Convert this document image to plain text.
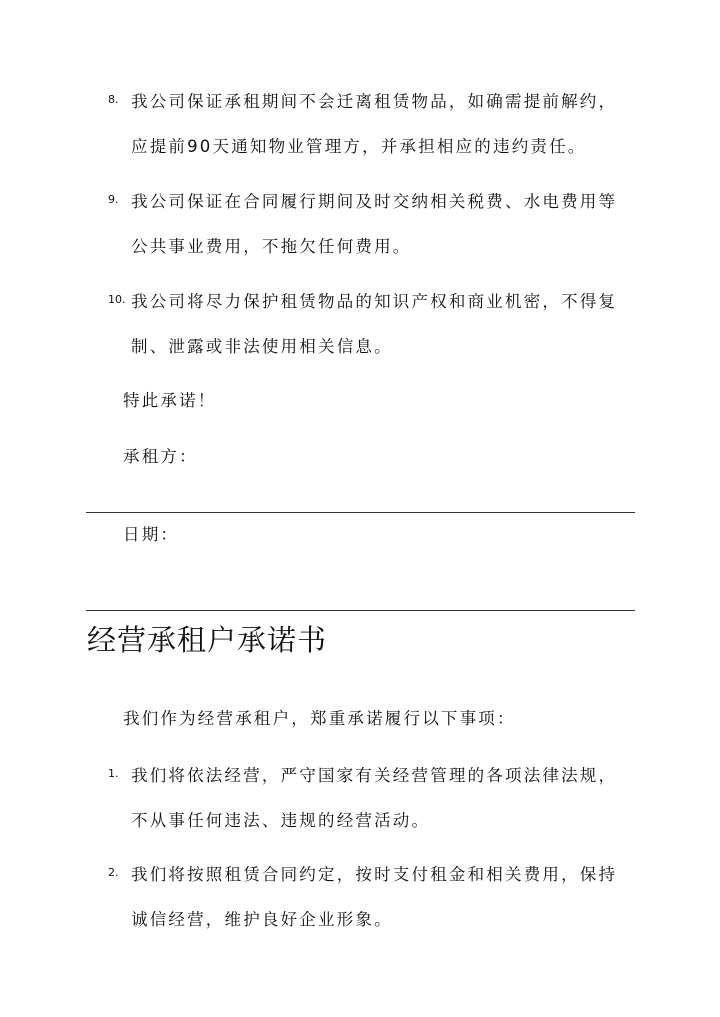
8. 我公司保证承租期间不会迁离租赁物品，如确需提前解约，
应提前90天通知物业管理方，并承担相应的违约责任。
9. 我公司保证在合同履行期间及时交纳相关税费、水电费用等
公共事业费用，不拖欠任何费用。
10. 我公司将尽力保护租赁物品的知识产权和商业机密，不得复
制、泄露或非法使用相关信息。
特此承诺！
承租方：
日期：
经营承租户承诺书
我们作为经营承租户，郑重承诺履行以下事项：
1. 我们将依法经营，严守国家有关经营管理的各项法律法规，
不从事任何违法、违规的经营活动。
2. 我们将按照租赁合同约定，按时支付租金和相关费用，保持
诚信经营，维护良好企业形象。
